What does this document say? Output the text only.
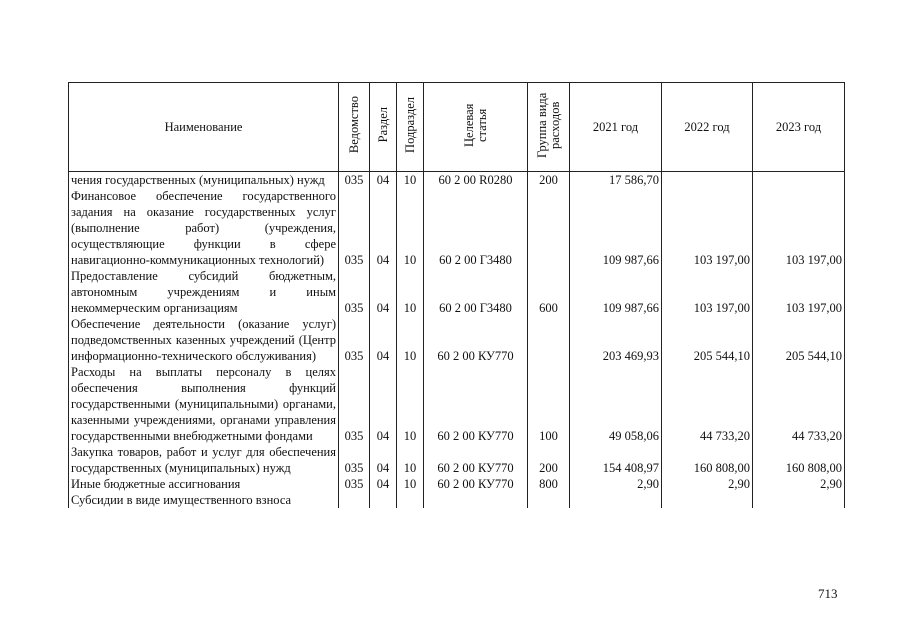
Наименование	Ведомство	Раздел	Подраздел	Целевая статья	Группа вида расходов	2021 год	2022 год	2023 год
чения государственных (муниципальных) нужд	035	04	10	60 2 00 R0280	200	17 586,70		
Финансовое обеспечение государственного задания на оказание государственных услуг (выполнение работ) (учреждения, осуществляющие функции в сфере навигационно-коммуникационных технологий)	035	04	10	60 2 00 Г3480		109 987,66	103 197,00	103 197,00
Предоставление субсидий бюджетным, автономным учреждениям и иным некоммерческим организациям	035	04	10	60 2 00 Г3480	600	109 987,66	103 197,00	103 197,00
Обеспечение деятельности (оказание услуг) подведомственных казенных учреждений (Центр информационно-технического обслуживания)	035	04	10	60 2 00 КУ770		203 469,93	205 544,10	205 544,10
Расходы на выплаты персоналу в целях обеспечения выполнения функций государственными (муниципальными) органами, казенными учреждениями, органами управления государственными внебюджетными фондами	035	04	10	60 2 00 КУ770	100	49 058,06	44 733,20	44 733,20
Закупка товаров, работ и услуг для обеспечения государственных (муниципальных) нужд	035	04	10	60 2 00 КУ770	200	154 408,97	160 808,00	160 808,00
Иные бюджетные ассигнования	035	04	10	60 2 00 КУ770	800	2,90	2,90	2,90
Субсидии в виде имущественного взноса								
713
